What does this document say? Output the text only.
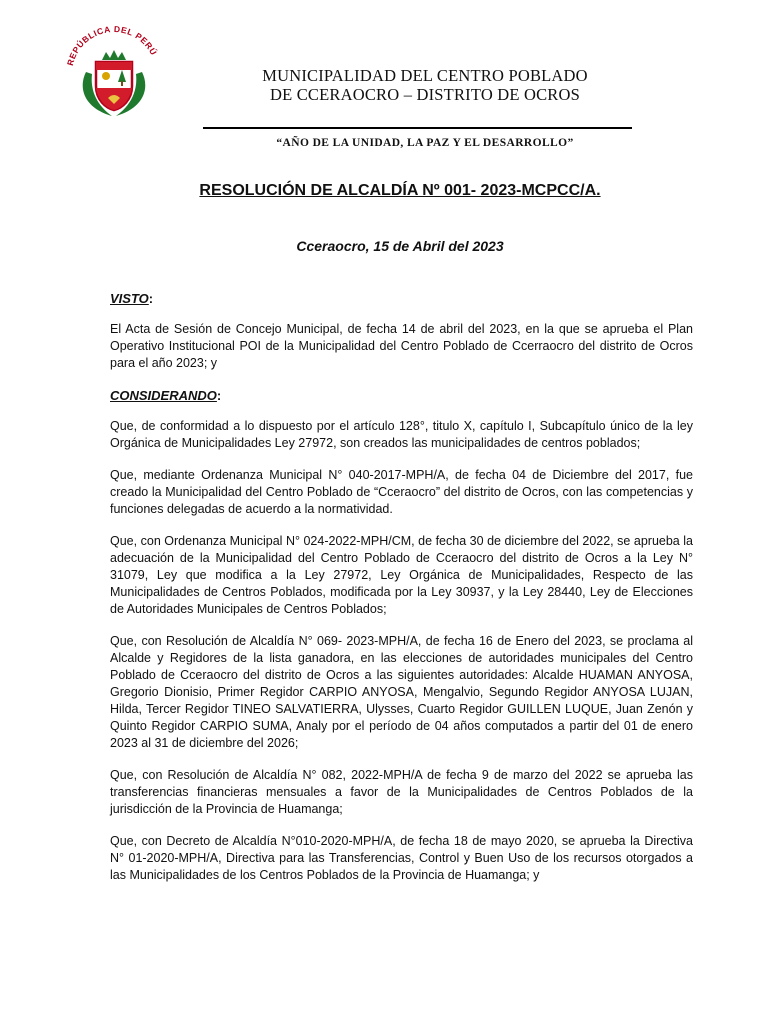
REPÚBLICA DEL PERÚ
MUNICIPALIDAD DEL CENTRO POBLADO
DE CCERAOCRO – DISTRITO DE OCROS
“AÑO DE LA UNIDAD, LA PAZ Y EL DESARROLLO”
RESOLUCIÓN DE ALCALDÍA Nº 001- 2023-MCPCC/A.
Cceraocro, 15 de Abril del 2023

VISTO:

El Acta de Sesión de Concejo Municipal, de fecha 14 de abril del 2023, en la que se aprueba el Plan Operativo Institucional POI de la Municipalidad del Centro Poblado de Ccerraocro del distrito de Ocros para el año 2023; y

CONSIDERANDO:

Que, de conformidad a lo dispuesto por el artículo 128°, titulo X, capítulo I, Subcapítulo único de la ley Orgánica de Municipalidades Ley 27972, son creados las municipalidades de centros poblados;

Que, mediante Ordenanza Municipal N° 040-2017-MPH/A, de fecha 04 de Diciembre del 2017, fue creado la Municipalidad del Centro Poblado de “Cceraocro” del distrito de Ocros, con las competencias y funciones delegadas de acuerdo a la normatividad.

Que, con Ordenanza Municipal N° 024-2022-MPH/CM, de fecha 30 de diciembre del 2022, se aprueba la adecuación de la Municipalidad del Centro Poblado de Cceraocro del distrito de Ocros a la Ley N° 31079, Ley que modifica a la Ley 27972, Ley Orgánica de Municipalidades, Respecto de las Municipalidades de Centros Poblados, modificada por la Ley 30937, y la Ley 28440, Ley de Elecciones de Autoridades Municipales de Centros Poblados;

Que, con Resolución de Alcaldía N° 069- 2023-MPH/A, de fecha 16 de Enero del 2023, se proclama al Alcalde y Regidores de la lista ganadora, en las elecciones de autoridades municipales del Centro Poblado de Cceraocro del distrito de Ocros a las siguientes autoridades: Alcalde HUAMAN ANYOSA, Gregorio Dionisio, Primer Regidor CARPIO ANYOSA, Mengalvio, Segundo Regidor ANYOSA LUJAN, Hilda, Tercer Regidor TINEO SALVATIERRA, Ulysses, Cuarto Regidor GUILLEN LUQUE, Juan Zenón y Quinto Regidor CARPIO SUMA, Analy por el período de 04 años computados a partir del 01 de enero 2023 al 31 de diciembre del 2026;

Que, con Resolución de Alcaldía N° 082, 2022-MPH/A de fecha 9 de marzo del 2022 se aprueba las transferencias financieras mensuales a favor de la Municipalidades de Centros Poblados de la jurisdicción de la Provincia de Huamanga;

Que, con Decreto de Alcaldía N°010-2020-MPH/A, de fecha 18 de mayo 2020, se aprueba la Directiva N° 01-2020-MPH/A, Directiva para las Transferencias, Control y Buen Uso de los recursos otorgados a las Municipalidades de los Centros Poblados de la Provincia de Huamanga; y
